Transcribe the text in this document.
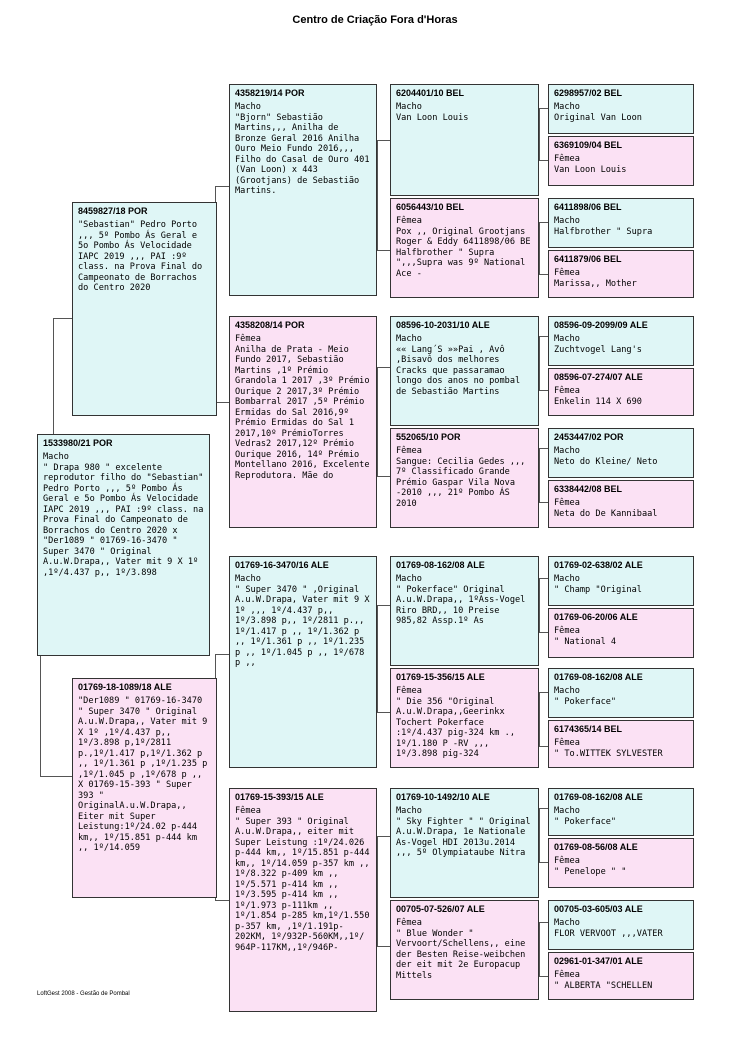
Centro de Criação Fora d'Horas
1533980/21 POR
Macho
" Drapa 980 " excelente reprodutor filho do "Sebastian" Pedro Porto ,,, 5º Pombo Ás Geral e 5o Pombo Ás Velocidade IAPC 2019 ,,, PAI :9º class. na Prova Final do Campeonato de Borrachos do Centro 2020 x "Der1089 " 01769-16-3470 " Super 3470 " Original A.u.W.Drapa,, Vater mit 9 X 1º ,1º/4.437 p,, 1º/3.898
8459827/18 POR
"Sebastian" Pedro Porto ,,, 5º Pombo Ás Geral e 5o Pombo Ás Velocidade IAPC 2019 ,,, PAI :9º class. na Prova Final do Campeonato de Borrachos do Centro 2020
01769-18-1089/18 ALE
"Der1089 " 01769-16-3470 " Super 3470 " Original A.u.W.Drapa,, Vater mit 9 X 1º ,1º/4.437 p,, 1º/3.898 p,1º/2811 p.,1º/1.417 p,1º/1.362 p ,, 1º/1.361 p ,1º/1.235 p ,1º/1.045 p ,1º/678 p ,, X 01769-15-393 " Super 393 " OriginalA.u.W.Drapa,, Eiter mit Super Leistung:1º/24.02 p-444 km,, 1º/15.851 p-444 km ,, 1º/14.059
4358219/14 POR
Macho
"Bjorn" Sebastião Martins,,, Anilha de Bronze Geral 2016 Anilha Ouro Meio Fundo 2016,,, Filho do Casal de Ouro 401 (Van Loon) x 443 (Grootjans) de Sebastião Martins.
4358208/14 POR
Fêmea
Anilha de Prata - Meio Fundo 2017, Sebastião Martins ,1º Prémio Grandola 1 2017 ,3º Prémio Ourique 2 2017,3º Prémio Bombarral 2017 ,5º Prémio Ermidas do Sal 2016,9º Prémio Ermidas do Sal 1 2017,10º PrémioTorres Vedras2 2017,12º Prémio Ourique 2016, 14º Prémio Montellano 2016, Excelente Reprodutora. Mãe do
01769-16-3470/16 ALE
Macho
" Super 3470 " ,Original A.u.W.Drapa, Vater mit 9 X 1º ,,, 1º/4.437 p,, 1º/3.898 p,, 1º/2811 p.,, 1º/1.417 p ,, 1º/1.362 p ,, 1º/1.361 p ,, 1º/1.235 p ,, 1º/1.045 p ,, 1º/678 p ,,
01769-15-393/15 ALE
Fêmea
" Super 393 " Original A.u.W.Drapa,, eiter mit Super Leistung :1º/24.026 p-444 km,, 1º/15.851 p-444 km,, 1º/14.059 p-357 km ,, 1º/8.322 p-409 km ,, 1º/5.571 p-414 km ,, 1º/3.595 p-414 km ,, 1º/1.973 p-111km ,, 1º/1.854 p-285 km,1º/1.550 p-357 km, ,1º/1.191p-202KM, 1º/932P-560KM,,1º/ 964P-117KM,,1º/946P-
6204401/10 BEL
Macho
Van Loon Louis
6056443/10 BEL
Fêmea
Pox ,, Original Grootjans Roger & Eddy 6411898/06 BE Halfbrother " Supra ",,,Supra was 9º National Ace -
08596-10-2031/10 ALE
Macho
«« Lang´S »»Pai , Avô ,Bisavô dos melhores Cracks que passaramao longo dos anos no pombal de Sebastião Martins
552065/10 POR
Fêmea
Sangue: Cecilia Gedes ,,, 7º Classificado Grande Prémio Gaspar Vila Nova -2010 ,,, 21º Pombo ÁS 2010
01769-08-162/08 ALE
Macho
" Pokerface" Original A.u.W.Drapa,, 1ºAss-Vogel Riro BRD,, 10 Preise 985,82 Assp.1º As
01769-15-356/15 ALE
Fêmea
" Die 356 "Original A.u.W.Drapa,,Geerinkx Tochert Pokerface :1º/4.437 pig-324 km ., 1º/1.180 P -RV ,,, 1º/3.898 pig-324
01769-10-1492/10 ALE
Macho
" Sky Fighter " " Original A.u.W.Drapa, 1e Nationale As-Vogel HDI 2013u.2014 ,,, 5º Olympiataube Nitra
00705-07-526/07 ALE
Fêmea
" Blue Wonder " Vervoort/Schellens,, eine der Besten Reise-weibchen der eit mit 2e Europacup Mittels
6298957/02 BEL
Macho
Original Van Loon
6369109/04 BEL
Fêmea
Van Loon Louis
6411898/06 BEL
Macho
Halfbrother " Supra
6411879/06 BEL
Fêmea
Marissa,, Mother
08596-09-2099/09 ALE
Macho
Zuchtvogel Lang's
08596-07-274/07 ALE
Fêmea
Enkelin 114 X 690
2453447/02 POR
Macho
Neto do Kleine/ Neto
6338442/08 BEL
Fêmea
Neta do De Kannibaal
01769-02-638/02 ALE
Macho
" Champ "Original
01769-06-20/06 ALE
Fêmea
" National 4
01769-08-162/08 ALE
Macho
" Pokerface"
6174365/14 BEL
Fêmea
" To.WITTEK SYLVESTER
01769-08-162/08 ALE
Macho
" Pokerface"
01769-08-56/08 ALE
Fêmea
" Penelope " "
00705-03-605/03 ALE
Macho
FLOR VERVOOT ,,,VATER
02961-01-347/01 ALE
Fêmea
" ALBERTA "SCHELLEN
LoftGest 2008 - Gestão de Pombal
